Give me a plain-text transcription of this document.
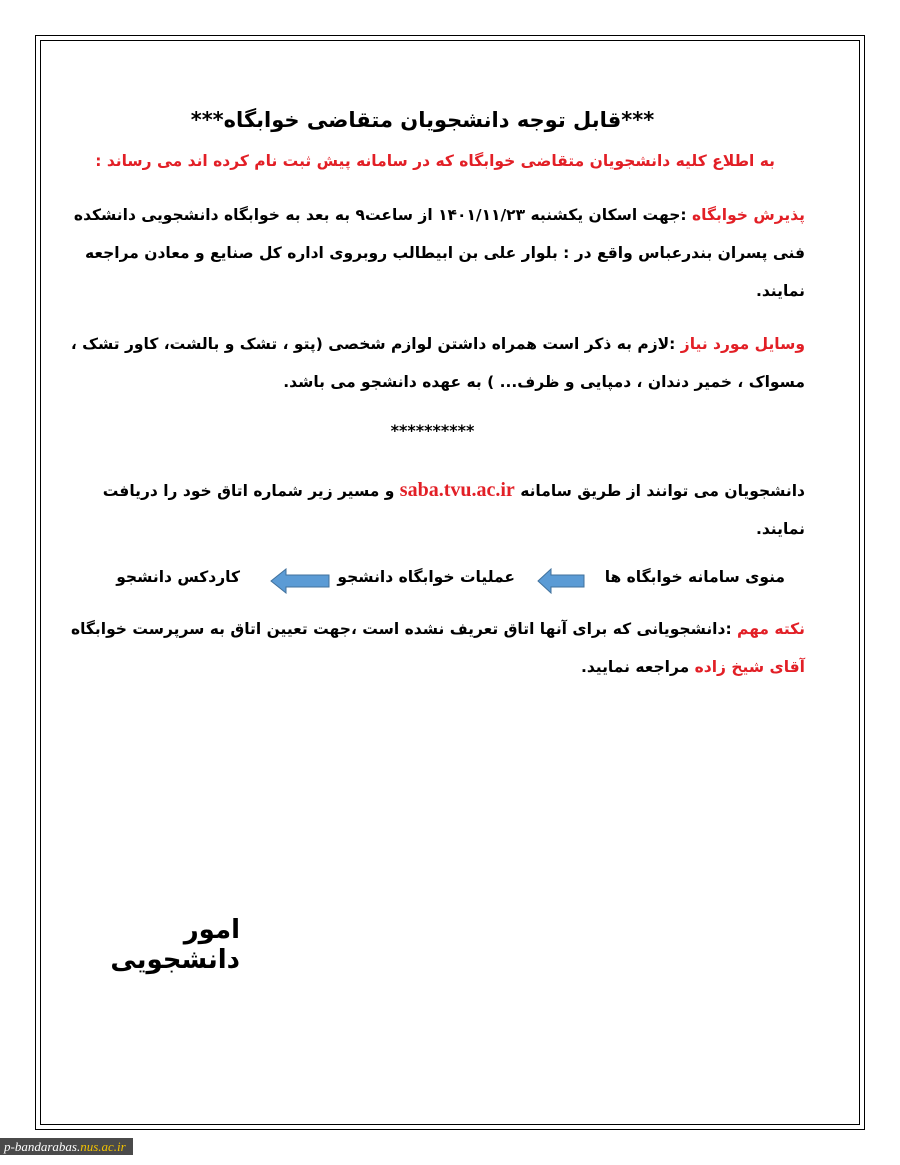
***قابل توجه دانشجویان متقاضی خوابگاه***

به اطلاع کلیه دانشجویان متقاضی خوابگاه که در سامانه پیش ثبت نام کرده اند می رساند :

پذیرش خوابگاه :جهت اسکان یکشنبه ۱۴۰۱/۱۱/۲۳ از ساعت۹ به بعد به خوابگاه دانشجویی دانشکده فنی پسران بندرعباس واقع در : بلوار علی بن ابیطالب روبروی اداره کل صنایع و معادن مراجعه نمایند.

وسایل مورد نیاز :لازم به ذکر است همراه داشتن لوازم شخصی (پتو ، تشک و بالشت، کاور تشک ، مسواک ، خمیر دندان ، دمپایی و ظرف... ) به عهده دانشجو می باشد.

**********

دانشجویان می توانند از طریق سامانه saba.tvu.ac.ir و مسیر زیر شماره اتاق خود را دریافت نمایند.

منوی سامانه خوابگاه ها
عملیات خوابگاه دانشجو
کاردکس دانشجو

نکته مهم :دانشجویانی که برای آنها اتاق تعریف نشده است ،جهت تعیین اتاق به سرپرست خوابگاه آقای شیخ زاده مراجعه نمایید.

امور دانشجویی
p-bandarabas.nus.ac.ir
